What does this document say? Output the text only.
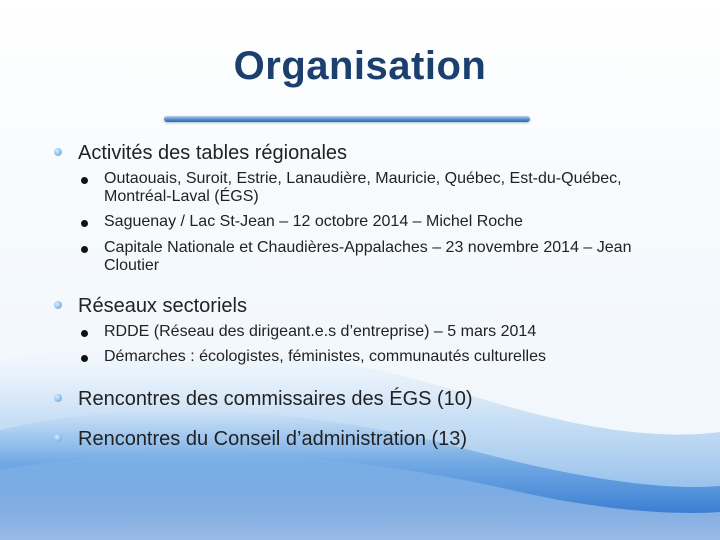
Organisation
Activités des tables régionales
Outaouais, Suroit, Estrie, Lanaudière, Mauricie, Québec, Est-du-Québec, Montréal-Laval (ÉGS)
Saguenay / Lac St-Jean – 12 octobre 2014 – Michel Roche
Capitale Nationale et Chaudières-Appalaches – 23 novembre 2014 – Jean Cloutier
Réseaux sectoriels
RDDE (Réseau des dirigeant.e.s d’entreprise) – 5 mars 2014
Démarches : écologistes, féministes, communautés culturelles
Rencontres des commissaires des ÉGS (10)
Rencontres du Conseil d’administration (13)
